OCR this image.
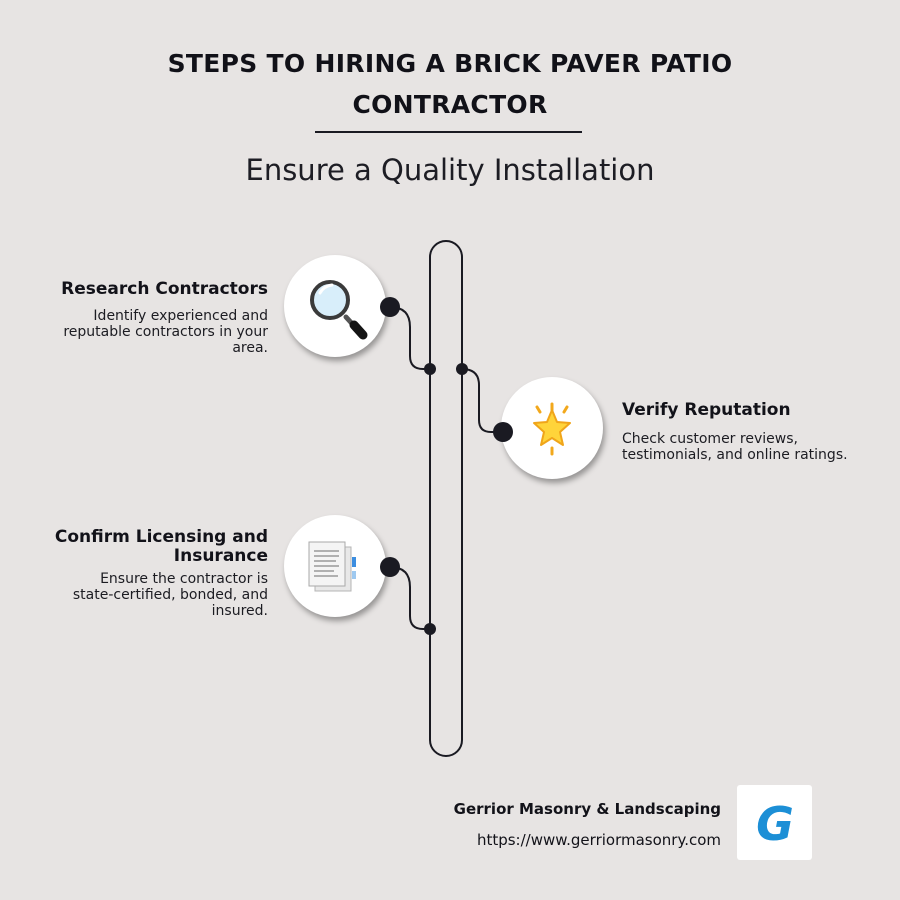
STEPS TO HIRING A BRICK PAVER PATIO CONTRACTOR
Ensure a Quality Installation
Research Contractors

Identify experienced and reputable contractors in your area.

Verify Reputation

Check customer reviews, testimonials, and online ratings.

Confirm Licensing and Insurance

Ensure the contractor is state-certified, bonded, and insured.

Gerrior Masonry & Landscaping
https://www.gerriormasonry.com G
